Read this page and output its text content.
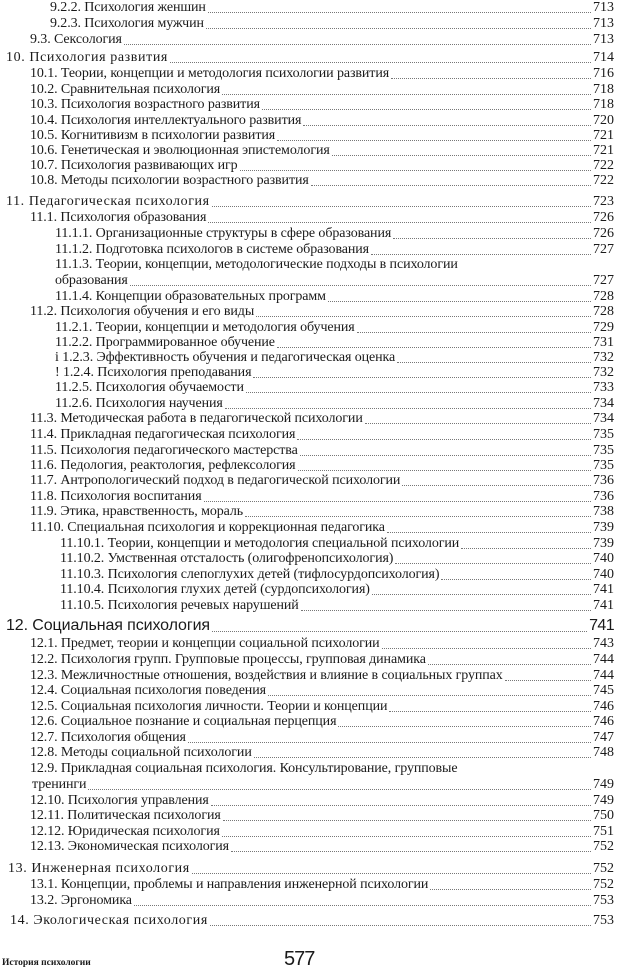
9.2.2. Психология женшин	713
9.2.3. Психология мужчин	713
9.3. Сексология	713
10. Психология развития	714
10.1. Теории, концепции и методология психологии развития	716
10.2. Сравнительная психология	718
10.3. Психология возрастного развития	718
10.4. Психология интеллектуального развития	720
10.5. Когнитивизм в психологии развития	721
10.6. Генетическая и эволюционная эпистемология	721
10.7. Психология развивающих игр	722
10.8. Методы психологии возрастного развития	722
11. Педагогическая психология	723
11.1. Психология образования	726
11.1.1. Организационные структуры в сфере образования	726
11.1.2. Подготовка психологов в системе образования	727
11.1.3. Теории, концепции, методологические подходы в психологии
образования	727
11.1.4. Концепции образовательных программ	728
11.2. Психология обучения и его виды	728
11.2.1. Теории, концепции и методология обучения	729
11.2.2. Программированное обучение	731
i 1.2.3. Эффективность обучения и педагогическая оценка	732
! 1.2.4. Психология преподавания	732
11.2.5. Психология обучаемости	733
11.2.6. Психология научения	734
11.3. Методическая работа в педагогической психологии	734
11.4. Прикладная педагогическая психология	735
11.5. Психология педагогического мастерства	735
11.6. Педология, реактология, рефлексология	735
11.7. Антропологический подход в педагогической психологии	736
11.8. Психология воспитания	736
11.9. Этика, нравственность, мораль	738
11.10. Специальная психология и коррекционная педагогика	739
11.10.1. Теории, концепции и методология специальной психологии	739
11.10.2. Умственная отсталость (олигофренопсихология)	740
11.10.3. Психология слепоглухих детей (тифлосурдопсихология)	740
11.10.4. Психология глухих детей (сурдопсихология)	741
11.10.5. Психология речевых нарушений	741
12. Социальная психология	741
12.1. Предмет, теории и концепции социальной психологии	743
12.2. Психология групп. Групповые процессы, групповая динамика	744
12.3. Межличностные отношения, воздействия и влияние в социальных группах	744
12.4. Социальная психология поведения	745
12.5. Социальная психология личности. Теории и концепции	746
12.6. Социальное познание и социальная перцепция	746
12.7. Психология общения	747
12.8. Методы социальной психологии	748
12.9. Прикладная социальная психология. Консультирование, групповые
тренинги	749
12.10. Психология управления	749
12.11. Политическая психология	750
12.12. Юридическая психология	751
12.13. Экономическая психология	752
13. Инженерная психология	752
13.1. Концепции, проблемы и направления инженерной психологии	752
13.2. Эргономика	753
14. Экологическая психология	753
История психологии	577
